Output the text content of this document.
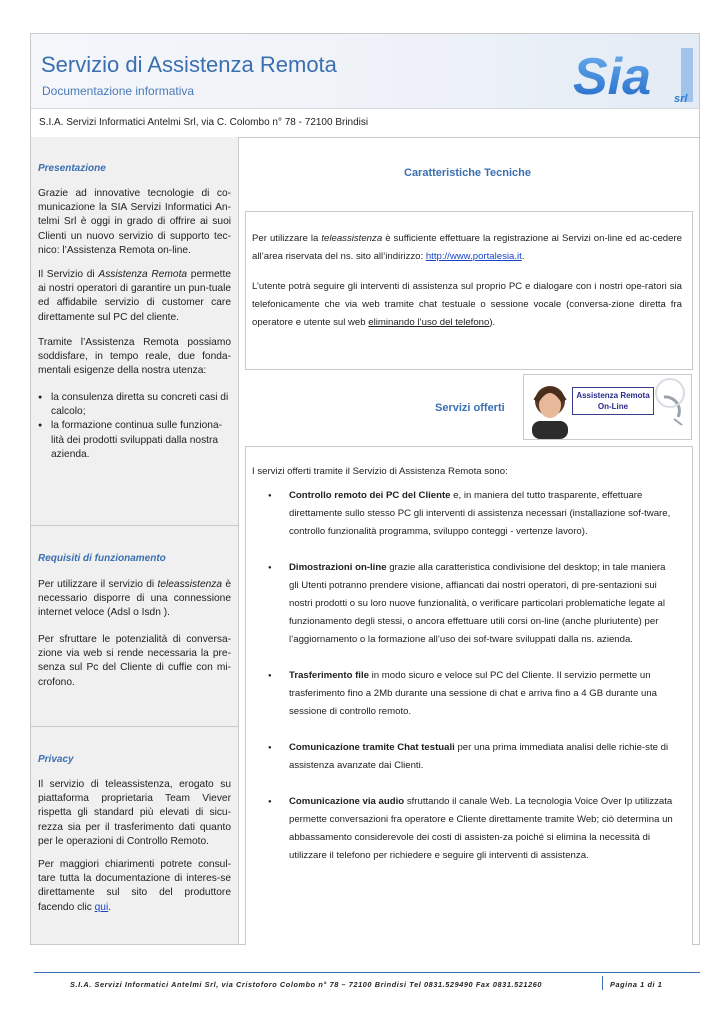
Servizio di Assistenza Remota
Documentazione informativa	Sia srl
S.I.A. Servizi Informatici Antelmi Srl, via C. Colombo n° 78 - 72100 Brindisi
Presentazione
Grazie ad innovative tecnologie di co-municazione la SIA Servizi Informatici An-telmi Srl è oggi in grado di offrire ai suoi Clienti un nuovo servizio di supporto tec-nico: l’Assistenza Remota on-line.
Il Servizio di Assistenza Remota permette ai nostri operatori di garantire un pun-tuale ed affidabile servizio di customer care direttamente sul PC del cliente.
Tramite l’Assistenza Remota possiamo soddisfare, in tempo reale, due fonda-mentali esigenze della nostra utenza:
● la consulenza diretta su concreti casi di calcolo;
● la formazione continua sulle funziona-lità dei prodotti sviluppati dalla nostra azienda.
Requisiti di funzionamento
Per utilizzare il servizio di teleassistenza è necessario disporre di una connessione internet veloce (Adsl o Isdn ).
Per sfruttare le potenzialità di conversa-zione via web si rende necessaria la pre-senza sul Pc del Cliente di cuffie con mi-crofono.
Privacy
Il servizio di teleassistenza, erogato su piattaforma proprietaria Team Viever rispetta gli standard più elevati di sicu-rezza sia per il trasferimento dati quanto per le operazioni di Controllo Remoto.
Per maggiori chiarimenti potrete consul-tare tutta la documentazione di interes-se direttamente sul sito del produttore facendo clic qui.
Caratteristiche Tecniche

Per utilizzare la teleassistenza è sufficiente effettuare la registrazione ai Servizi on-line ed ac-cedere all’area riservata del ns. sito all’indirizzo: http://www.portalesia.it.

L’utente potrà seguire gli interventi di assistenza sul proprio PC e dialogare con i nostri ope-ratori sia telefonicamente che via web tramite chat testuale o sessione vocale (conversa-zione diretta fra operatore e utente sul web eliminando l’uso del telefono).

Servizi offerti
Assistenza Remota
On-Line

I servizi offerti tramite il Servizio di Assistenza Remota sono:

● Controllo remoto dei PC del Cliente e, in maniera del tutto trasparente, effettuare direttamente sullo stesso PC gli interventi di assistenza necessari (installazione sof-tware, controllo funzionalità programma, sviluppo conteggi - vertenze lavoro).
● Dimostrazioni on-line grazie alla caratteristica condivisione del desktop; in tale maniera gli Utenti potranno prendere visione, affiancati dai nostri operatori, di pre-sentazioni sui nostri prodotti o su loro nuove funzionalità, o verificare particolari problematiche legate al funzionamento degli stessi, o ancora effettuare utili corsi on-line (anche pluriutente) per l’aggiornamento o la formazione all’uso dei sof-tware sviluppati dalla ns. azienda.
● Trasferimento file in modo sicuro e veloce sul PC del Cliente. Il servizio permette un trasferimento fino a 2Mb durante una sessione di chat e arriva fino a 4 GB durante una sessione di controllo remoto.
● Comunicazione tramite Chat testuali per una prima immediata analisi delle richie-ste di assistenza avanzate dai Clienti.
● Comunicazione via audio sfruttando il canale Web. La tecnologia Voice Over Ip utilizzata permette conversazioni fra operatore e Cliente direttamente tramite Web; ciò determina un abbassamento considerevole dei costi di assisten-za poiché si elimina la necessità di utilizzare il telefono per richiedere e seguire gli interventi di assistenza.
S.I.A. Servizi Informatici Antelmi Srl, via Cristoforo Colombo n° 78 – 72100 Brindisi Tel 0831.529490 Fax 0831.521260	Pagina 1 di 1
